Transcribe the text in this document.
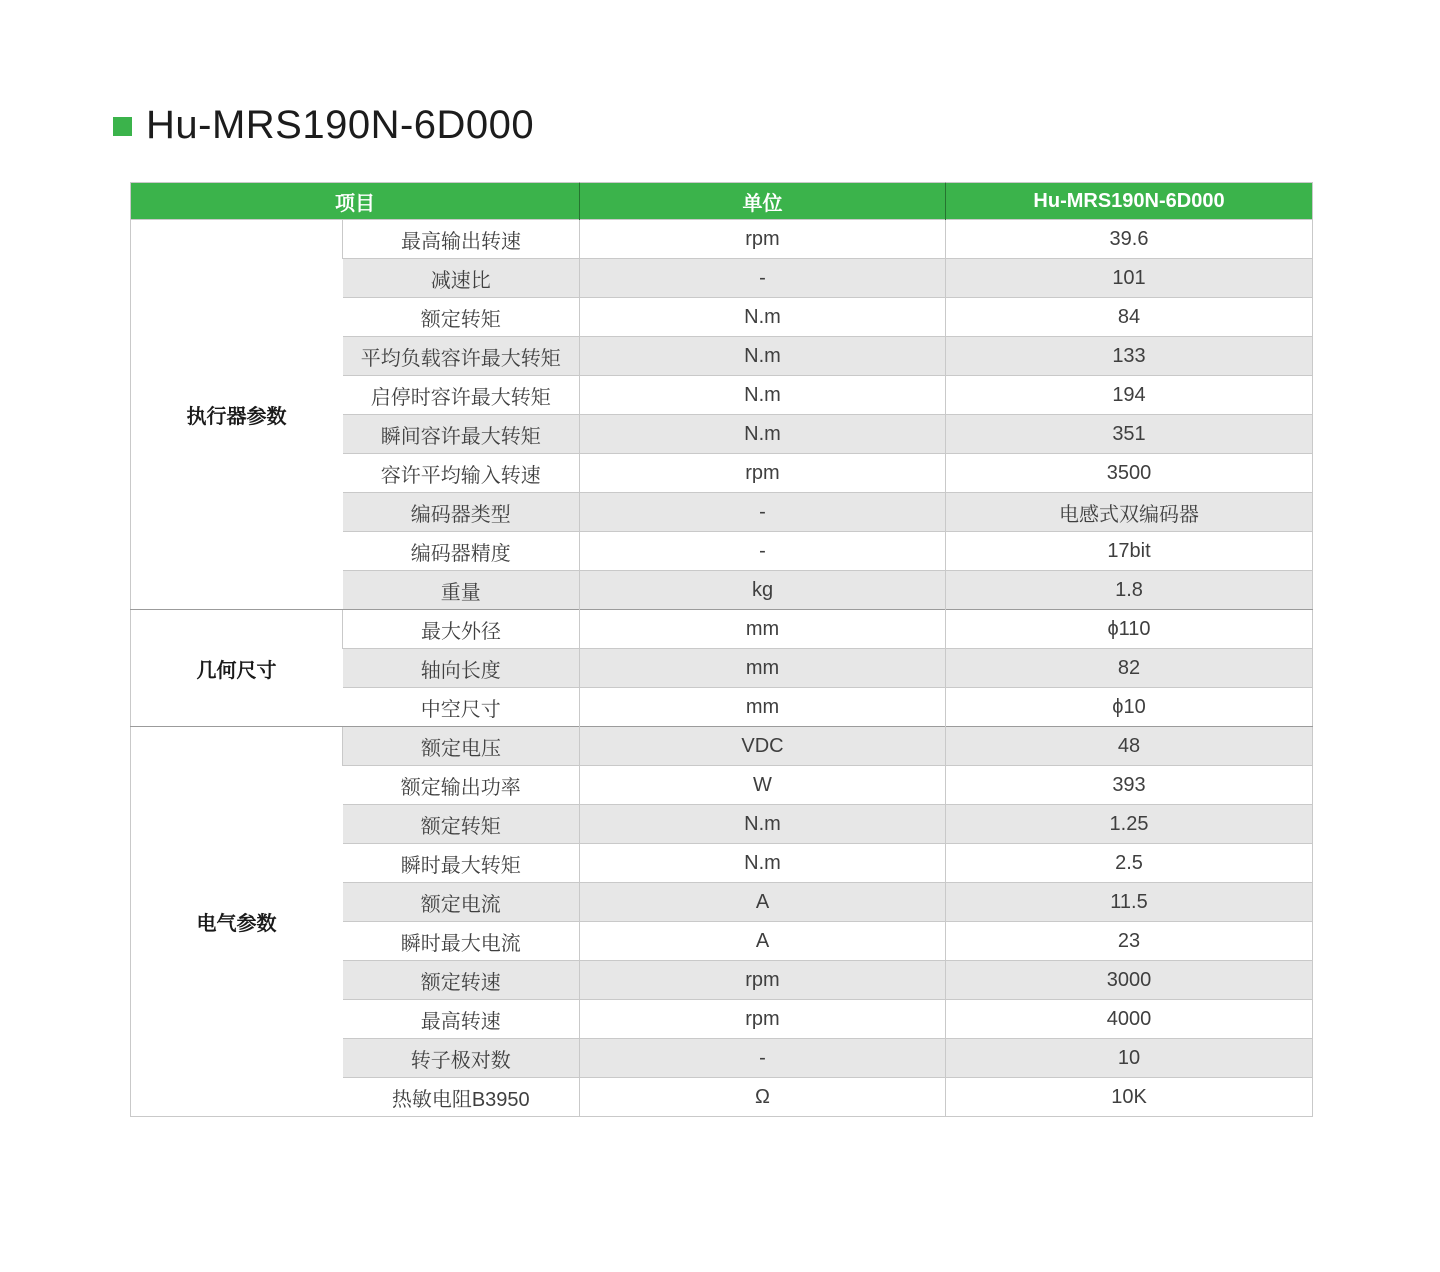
Hu-MRS190N-6D000
项目		单位	Hu-MRS190N-6D000
执行器参数	最高输出转速	rpm	39.6
	减速比	-	101
	额定转矩	N.m	84
	平均负载容许最大转矩	N.m	133
	启停时容许最大转矩	N.m	194
	瞬间容许最大转矩	N.m	351
	容许平均输入转速	rpm	3500
	编码器类型	-	电感式双编码器
	编码器精度	-	17bit
	重量	kg	1.8
几何尺寸	最大外径	mm	ϕ110
	轴向长度	mm	82
	中空尺寸	mm	ϕ10
电气参数	额定电压	VDC	48
	额定输出功率	W	393
	额定转矩	N.m	1.25
	瞬时最大转矩	N.m	2.5
	额定电流	A	11.5
	瞬时最大电流	A	23
	额定转速	rpm	3000
	最高转速	rpm	4000
	转子极对数	-	10
	热敏电阻B3950	Ω	10K
